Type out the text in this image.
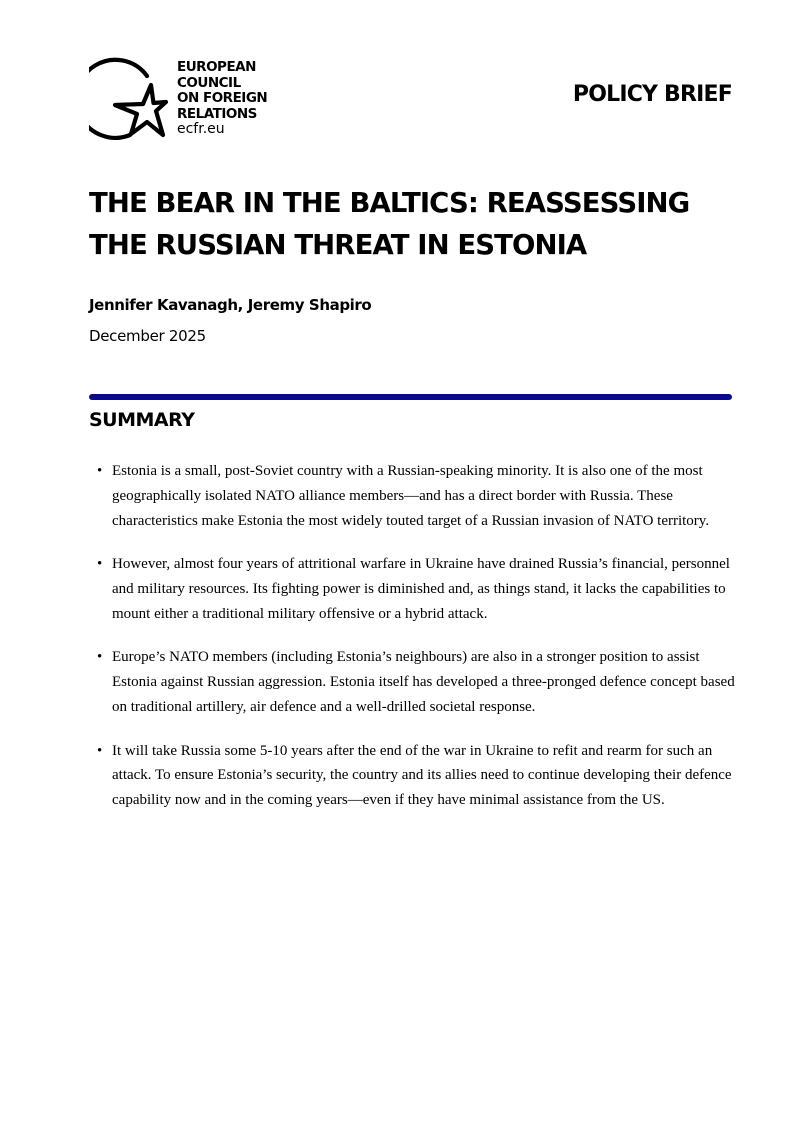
EUROPEAN
COUNCIL
ON FOREIGN
RELATIONS
ecfr.eu
POLICY BRIEF
THE BEAR IN THE BALTICS: REASSESSING
THE RUSSIAN THREAT IN ESTONIA
Jennifer Kavanagh, Jeremy Shapiro
December 2025
SUMMARY
• Estonia is a small, post-Soviet country with a Russian-speaking minority. It is also one of the most geographically isolated NATO alliance members—and has a direct border with Russia. These characteristics make Estonia the most widely touted target of a Russian invasion of NATO territory.
• However, almost four years of attritional warfare in Ukraine have drained Russia’s financial, personnel and military resources. Its fighting power is diminished and, as things stand, it lacks the capabilities to mount either a traditional military offensive or a hybrid attack.
• Europe’s NATO members (including Estonia’s neighbours) are also in a stronger position to assist Estonia against Russian aggression. Estonia itself has developed a three-pronged defence concept based on traditional artillery, air defence and a well-drilled societal response.
• It will take Russia some 5-10 years after the end of the war in Ukraine to refit and rearm for such an attack. To ensure Estonia’s security, the country and its allies need to continue developing their defence capability now and in the coming years—even if they have minimal assistance from the US.
